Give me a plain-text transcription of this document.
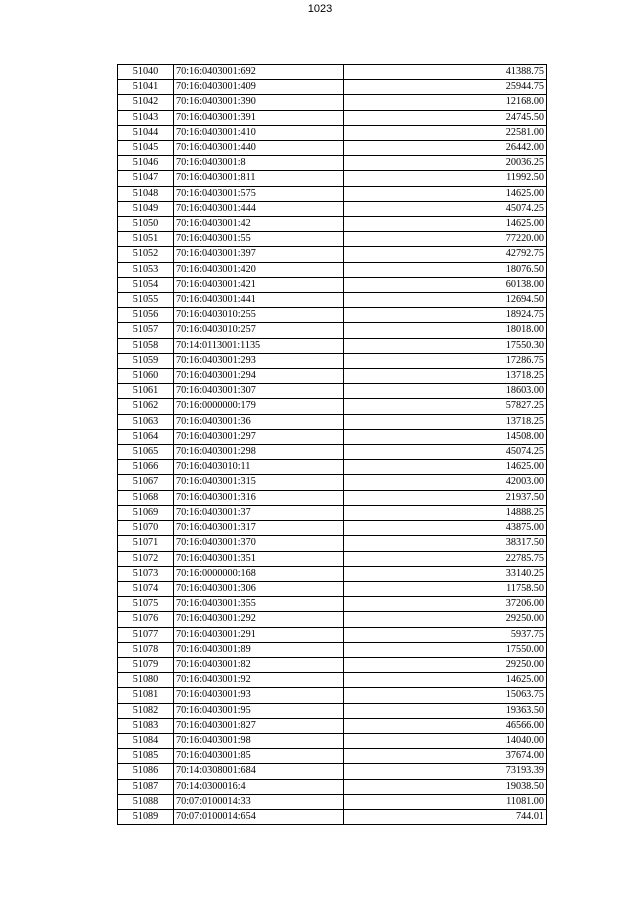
1023
51040	70:16:0403001:692	41388.75
51041	70:16:0403001:409	25944.75
51042	70:16:0403001:390	12168.00
51043	70:16:0403001:391	24745.50
51044	70:16:0403001:410	22581.00
51045	70:16:0403001:440	26442.00
51046	70:16:0403001:8	20036.25
51047	70:16:0403001:811	11992.50
51048	70:16:0403001:575	14625.00
51049	70:16:0403001:444	45074.25
51050	70:16:0403001:42	14625.00
51051	70:16:0403001:55	77220.00
51052	70:16:0403001:397	42792.75
51053	70:16:0403001:420	18076.50
51054	70:16:0403001:421	60138.00
51055	70:16:0403001:441	12694.50
51056	70:16:0403010:255	18924.75
51057	70:16:0403010:257	18018.00
51058	70:14:0113001:1135	17550.30
51059	70:16:0403001:293	17286.75
51060	70:16:0403001:294	13718.25
51061	70:16:0403001:307	18603.00
51062	70:16:0000000:179	57827.25
51063	70:16:0403001:36	13718.25
51064	70:16:0403001:297	14508.00
51065	70:16:0403001:298	45074.25
51066	70:16:0403010:11	14625.00
51067	70:16:0403001:315	42003.00
51068	70:16:0403001:316	21937.50
51069	70:16:0403001:37	14888.25
51070	70:16:0403001:317	43875.00
51071	70:16:0403001:370	38317.50
51072	70:16:0403001:351	22785.75
51073	70:16:0000000:168	33140.25
51074	70:16:0403001:306	11758.50
51075	70:16:0403001:355	37206.00
51076	70:16:0403001:292	29250.00
51077	70:16:0403001:291	5937.75
51078	70:16:0403001:89	17550.00
51079	70:16:0403001:82	29250.00
51080	70:16:0403001:92	14625.00
51081	70:16:0403001:93	15063.75
51082	70:16:0403001:95	19363.50
51083	70:16:0403001:827	46566.00
51084	70:16:0403001:98	14040.00
51085	70:16:0403001:85	37674.00
51086	70:14:0308001:684	73193.39
51087	70:14:0300016:4	19038.50
51088	70:07:0100014:33	11081.00
51089	70:07:0100014:654	744.01
